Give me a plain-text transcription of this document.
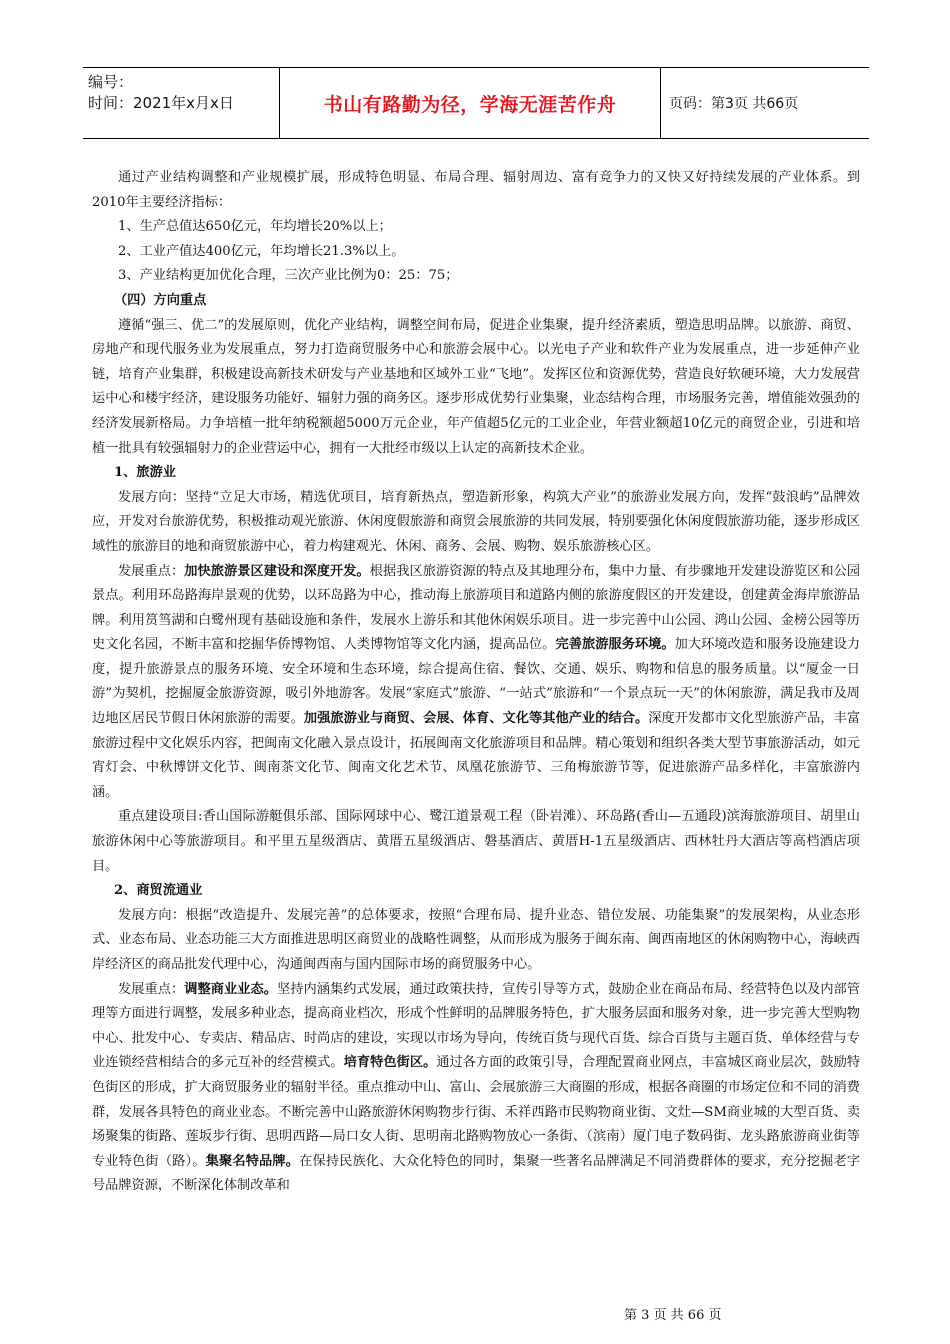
编号：
时间：2021年x月x日	书山有路勤为径，学海无涯苦作舟	页码：第3页 共66页

通过产业结构调整和产业规模扩展，形成特色明显、布局合理、辐射周边、富有竞争力的又快又好持续发展的产业体系。到2010年主要经济指标：

1、生产总值达650亿元，年均增长20%以上；

2、工业产值达400亿元，年均增长21.3%以上。

3、产业结构更加优化合理，三次产业比例为0：25：75；

（四）方向重点

遵循“强三、优二”的发展原则，优化产业结构，调整空间布局，促进企业集聚，提升经济素质，塑造思明品牌。以旅游、商贸、房地产和现代服务业为发展重点，努力打造商贸服务中心和旅游会展中心。以光电子产业和软件产业为发展重点，进一步延伸产业链，培育产业集群，积极建设高新技术研发与产业基地和区域外工业“飞地”。发挥区位和资源优势，营造良好软硬环境，大力发展营运中心和楼宇经济，建设服务功能好、辐射力强的商务区。逐步形成优势行业集聚，业态结构合理，市场服务完善，增值能效强劲的经济发展新格局。力争培植一批年纳税额超5000万元企业，年产值超5亿元的工业企业，年营业额超10亿元的商贸企业，引进和培植一批具有较强辐射力的企业营运中心，拥有一大批经市级以上认定的高新技术企业。

1、旅游业

发展方向：坚持“立足大市场，精选优项目，培育新热点，塑造新形象，构筑大产业”的旅游业发展方向，发挥“鼓浪屿”品牌效应，开发对台旅游优势，积极推动观光旅游、休闲度假旅游和商贸会展旅游的共同发展，特别要强化休闲度假旅游功能，逐步形成区域性的旅游目的地和商贸旅游中心，着力构建观光、休闲、商务、会展、购物、娱乐旅游核心区。

发展重点：加快旅游景区建设和深度开发。根据我区旅游资源的特点及其地理分布，集中力量、有步骤地开发建设游览区和公园景点。利用环岛路海岸景观的优势，以环岛路为中心，推动海上旅游项目和道路内侧的旅游度假区的开发建设，创建黄金海岸旅游品牌。利用筼筜湖和白鹭州现有基础设施和条件，发展水上游乐和其他休闲娱乐项目。进一步完善中山公园、鸿山公园、金榜公园等历史文化名园，不断丰富和挖掘华侨博物馆、人类博物馆等文化内涵，提高品位。完善旅游服务环境。加大环境改造和服务设施建设力度，提升旅游景点的服务环境、安全环境和生态环境，综合提高住宿、餐饮、交通、娱乐、购物和信息的服务质量。以“厦金一日游”为契机，挖掘厦金旅游资源，吸引外地游客。发展“家庭式”旅游、“一站式”旅游和“一个景点玩一天”的休闲旅游，满足我市及周边地区居民节假日休闲旅游的需要。加强旅游业与商贸、会展、体育、文化等其他产业的结合。深度开发都市文化型旅游产品，丰富旅游过程中文化娱乐内容，把闽南文化融入景点设计，拓展闽南文化旅游项目和品牌。精心策划和组织各类大型节事旅游活动，如元宵灯会、中秋博饼文化节、闽南茶文化节、闽南文化艺术节、凤凰花旅游节、三角梅旅游节等，促进旅游产品多样化，丰富旅游内涵。

重点建设项目:香山国际游艇俱乐部、国际网球中心、鹭江道景观工程（卧岩滩）、环岛路(香山—五通段)滨海旅游项目、胡里山旅游休闲中心等旅游项目。和平里五星级酒店、黄厝五星级酒店、磐基酒店、黄厝H-1五星级酒店、西林牡丹大酒店等高档酒店项目。

2、商贸流通业

发展方向：根据“改造提升、发展完善”的总体要求，按照“合理布局、提升业态、错位发展、功能集聚”的发展架构，从业态形式、业态布局、业态功能三大方面推进思明区商贸业的战略性调整，从而形成为服务于闽东南、闽西南地区的休闲购物中心，海峡西岸经济区的商品批发代理中心，沟通闽西南与国内国际市场的商贸服务中心。

发展重点：调整商业业态。坚持内涵集约式发展，通过政策扶持，宣传引导等方式，鼓励企业在商品布局、经营特色以及内部管理等方面进行调整，发展多种业态，提高商业档次，形成个性鲜明的品牌服务特色，扩大服务层面和服务对象，进一步完善大型购物中心、批发中心、专卖店、精品店、时尚店的建设，实现以市场为导向，传统百货与现代百货、综合百货与主题百货、单体经营与专业连锁经营相结合的多元互补的经营模式。培育特色街区。通过各方面的政策引导，合理配置商业网点，丰富城区商业层次，鼓励特色街区的形成，扩大商贸服务业的辐射半径。重点推动中山、富山、会展旅游三大商圈的形成，根据各商圈的市场定位和不同的消费群，发展各具特色的商业业态。不断完善中山路旅游休闲购物步行街、禾祥西路市民购物商业街、文灶—SM商业城的大型百货、卖场聚集的街路、莲坂步行街、思明西路—局口女人街、思明南北路购物放心一条街、（滨南）厦门电子数码街、龙头路旅游商业街等专业特色街（路）。集聚名特品牌。在保持民族化、大众化特色的同时，集聚一些著名品牌满足不同消费群体的要求，充分挖掘老字号品牌资源，不断深化体制改革和

第 3 页 共 66 页
